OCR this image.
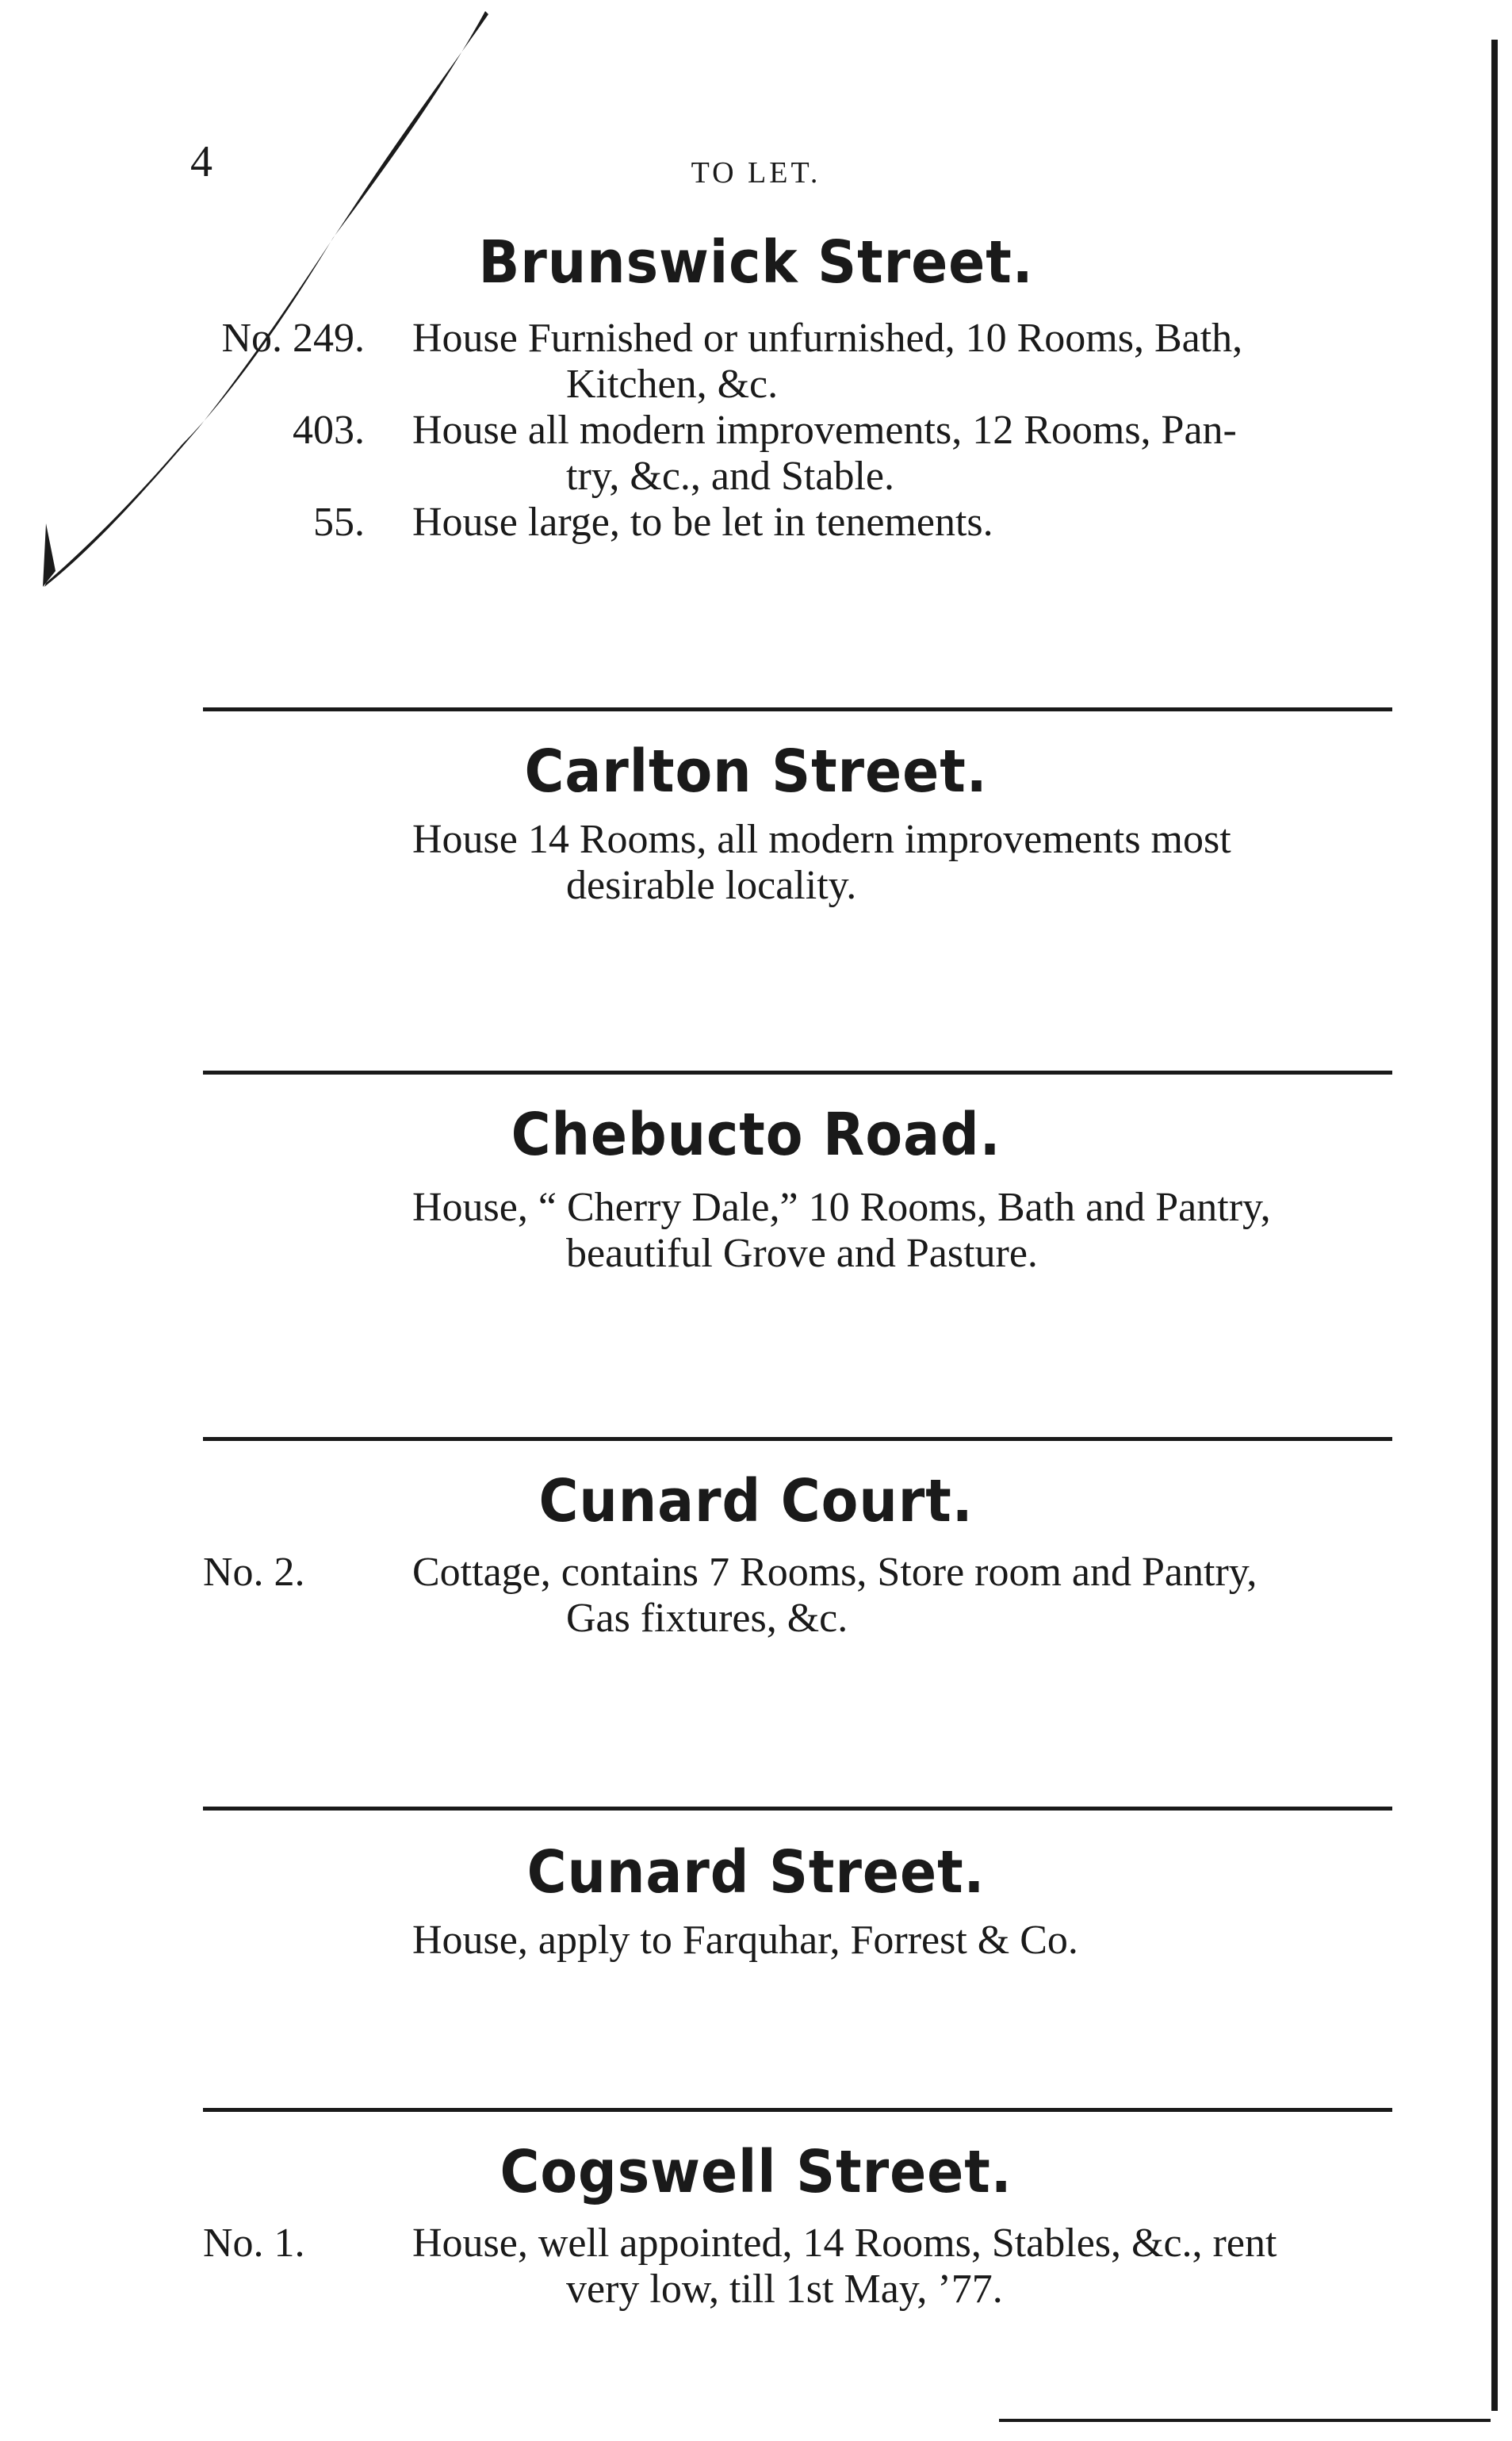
4	TO LET.
Brunswick Street.
No. 249. House Furnished or unfurnished, 10 Rooms, Bath,
Kitchen, &c.
403. House all modern improvements, 12 Rooms, Pan-
try, &c., and Stable.
55. House large, to be let in tenements.
Carlton Street.
House 14 Rooms, all modern improvements most
desirable locality.
Chebucto Road.
House, “ Cherry Dale,” 10 Rooms, Bath and Pantry,
beautiful Grove and Pasture.
Cunard Court.
No. 2.	Cottage, contains 7 Rooms, Store room and Pantry,
Gas fixtures, &c.
Cunard Street.
House, apply to Farquhar, Forrest & Co.
Cogswell Street.
No. 1.	House, well appointed, 14 Rooms, Stables, &c., rent
very low, till 1st May, ’77.
